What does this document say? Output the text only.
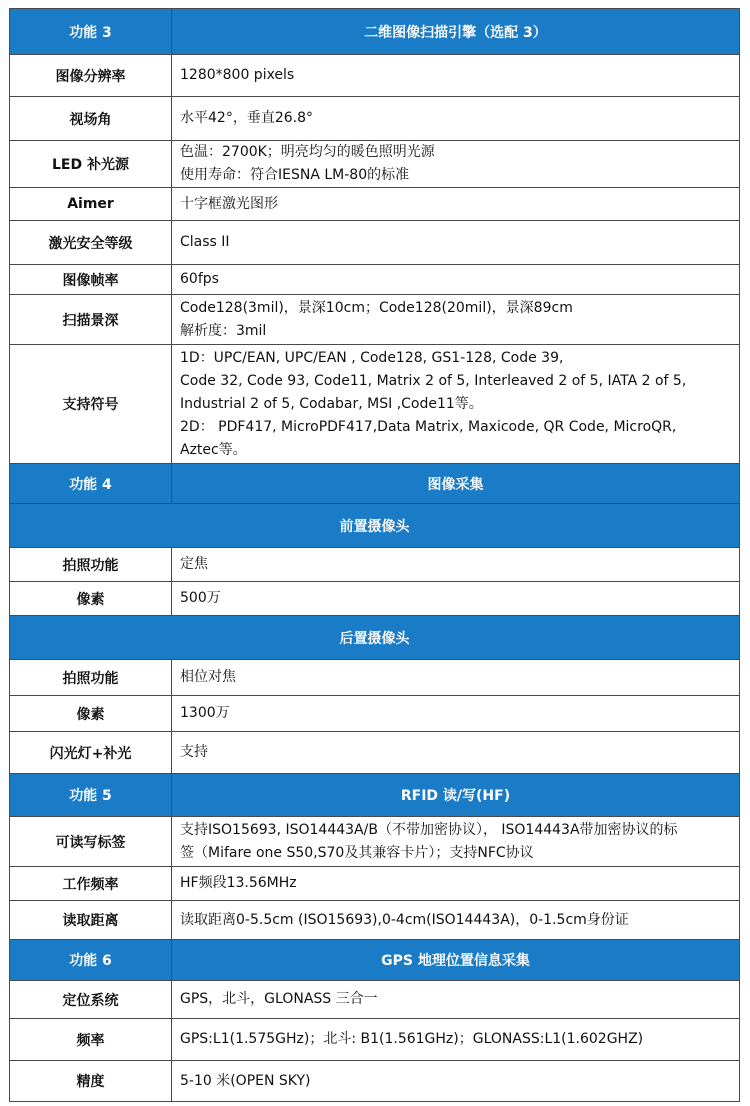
功能 3	二维图像扫描引擎（选配 3）
图像分辨率	1280*800 pixels

视场角	水平42°，垂直26.8°

LED 补光源	色温：2700K；明亮均匀的暖色照明光源
使用寿命：符合IESNA LM-80的标准

Aimer	十字框激光图形

激光安全等级	Class II

图像帧率	60fps

扫描景深	Code128(3mil)，景深10cm；Code128(20mil)，景深89cm
解析度：3mil

支持符号	1D：UPC/EAN, UPC/EAN , Code128, GS1-128, Code 39,
Code 32, Code 93, Code11, Matrix 2 of 5, Interleaved 2 of 5, IATA 2 of 5,
Industrial 2 of 5, Codabar, MSI ,Code11等。
2D： PDF417, MicroPDF417,Data Matrix, Maxicode, QR Code, MicroQR,
Aztec等。

功能 4	图像采集
前置摄像头	
拍照功能	定焦
像素	500万
后置摄像头	
拍照功能	相位对焦
像素	1300万
闪光灯+补光	支持
功能 5	RFID 读/写(HF)
可读写标签	支持ISO15693, ISO14443A/B（不带加密协议）， ISO14443A带加密协议的标
签（Mifare one S50,S70及其兼容卡片）；支持NFC协议

工作频率	HF频段13.56MHz

读取距离	读取距离0-5.5cm (ISO15693),0-4cm(ISO14443A)，0-1.5cm身份证

功能 6	GPS 地理位置信息采集
定位系统	GPS，北斗，GLONASS 三合一
频率	GPS:L1(1.575GHz)；北斗: B1(1.561GHz)；GLONASS:L1(1.602GHZ)
精度	5-10 米(OPEN SKY)
